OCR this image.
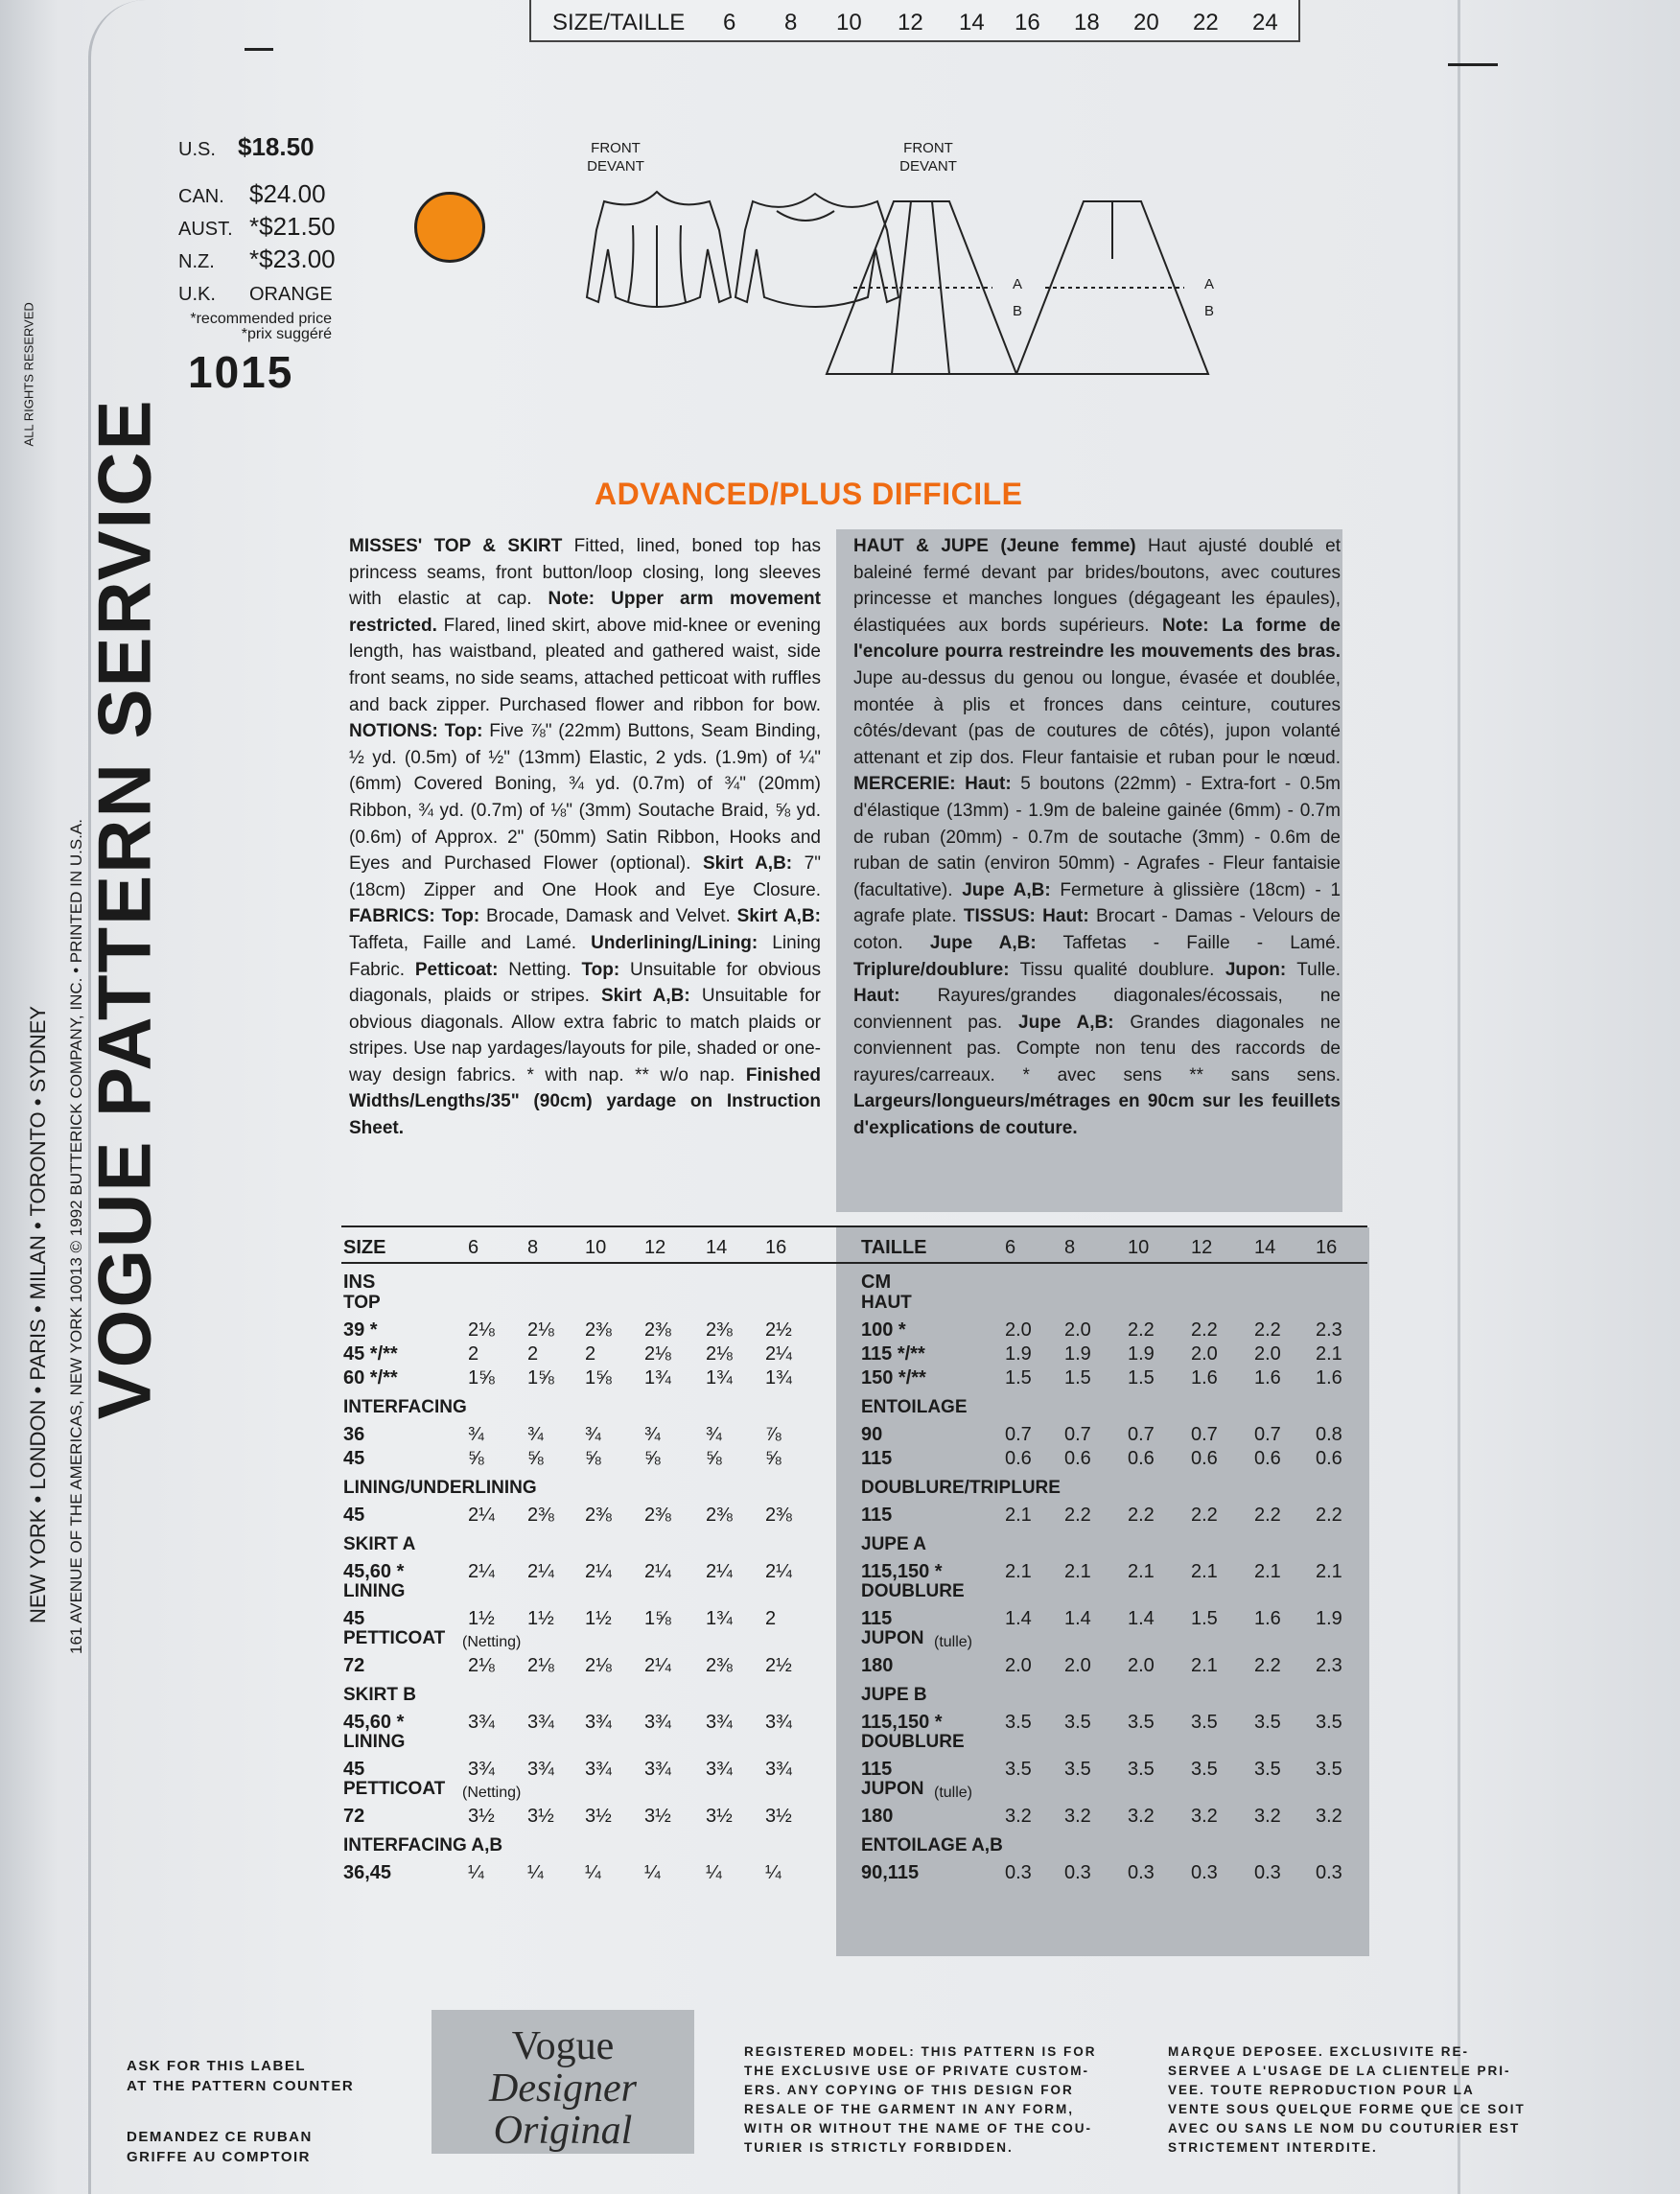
SIZE/TAILLE 6 8 10 12 14 16 18 20 22 24
VOGUE PATTERN SERVICE
NEW YORK • LONDON • PARIS • MILAN • TORONTO • SYDNEY 161 AVENUE OF THE AMERICAS, NEW YORK 10013 © 1992 BUTTERICK COMPANY, INC. • PRINTED IN U.S.A.
ALL RIGHTS RESERVED
U.S. $18.50
CAN. $24.00
AUST. *$21.50
N.Z. *$23.00
U.K. ORANGE
*recommended price
*prix suggéré
1015
FRONT
DEVANT
FRONT
DEVANT
A
B
A
B
ADVANCED/PLUS DIFFICILE
MISSES' TOP & SKIRT Fitted, lined, boned top has princess seams, front button/loop closing, long sleeves with elastic at cap. Note: Upper arm movement restricted. Flared, lined skirt, above mid-knee or evening length, has waistband, pleated and gathered waist, side front seams, no side seams, attached petticoat with ruffles and back zipper. Purchased flower and ribbon for bow. NOTIONS: Top: Five ⅞" (22mm) Buttons, Seam Binding, ½ yd. (0.5m) of ½" (13mm) Elastic, 2 yds. (1.9m) of ¼" (6mm) Covered Boning, ¾ yd. (0.7m) of ¾" (20mm) Ribbon, ¾ yd. (0.7m) of ⅛" (3mm) Soutache Braid, ⅝ yd. (0.6m) of Approx. 2" (50mm) Satin Ribbon, Hooks and Eyes and Purchased Flower (optional). Skirt A,B: 7" (18cm) Zipper and One Hook and Eye Closure. FABRICS: Top: Brocade, Damask and Velvet. Skirt A,B: Taffeta, Faille and Lamé. Underlining/Lining: Lining Fabric. Petticoat: Netting. Top: Unsuitable for obvious diagonals, plaids or stripes. Skirt A,B: Unsuitable for obvious diagonals. Allow extra fabric to match plaids or stripes. Use nap yardages/layouts for pile, shaded or one-way design fabrics. * with nap. ** w/o nap. Finished Widths/Lengths/35" (90cm) yardage on Instruction Sheet.
HAUT & JUPE (Jeune femme) Haut ajusté doublé et baleiné fermé devant par brides/boutons, avec coutures princesse et manches longues (dégageant les épaules), élastiquées aux bords supérieurs. Note: La forme de l'encolure pourra restreindre les mouvements des bras. Jupe au-dessus du genou ou longue, évasée et doublée, montée à plis et fronces dans ceinture, coutures côtés/devant (pas de coutures de côtés), jupon volanté attenant et zip dos. Fleur fantaisie et ruban pour le nœud. MERCERIE: Haut: 5 boutons (22mm) - Extra-fort - 0.5m d'élastique (13mm) - 1.9m de baleine gainée (6mm) - 0.7m de ruban (20mm) - 0.7m de soutache (3mm) - 0.6m de ruban de satin (environ 50mm) - Agrafes - Fleur fantaisie (facultative). Jupe A,B: Fermeture à glissière (18cm) - 1 agrafe plate. TISSUS: Haut: Brocart - Damas - Velours de coton. Jupe A,B: Taffetas - Faille - Lamé. Triplure/doublure: Tissu qualité doublure. Jupon: Tulle. Haut: Rayures/grandes diagonales/écossais, ne conviennent pas. Jupe A,B: Grandes diagonales ne conviennent pas. Compte non tenu des raccords de rayures/carreaux. * avec sens ** sans sens. Largeurs/longueurs/métrages en 90cm sur les feuillets d'explications de couture.
SIZE	6	8 10 12 14 16
INS
TOP
39 *	2⅛ 2⅛ 2⅜ 2⅜ 2⅜ 2½
45 */**	2	2 2	2⅛ 2⅛ 2¼
60 */**	1⅝ 1⅝ 1⅝ 1¾ 1¾ 1¾
INTERFACING
36	¾ ¾ ¾ ¾ ¾ ⅞
45	⅝ ⅝ ⅝ ⅝ ⅝ ⅝
LINING/UNDERLINING
45	2¼ 2⅜ 2⅜ 2⅜ 2⅜ 2⅜
SKIRT A
45,60 *	2¼ 2¼ 2¼ 2¼ 2¼ 2¼
LINING
45	1½ 1½ 1½ 1⅝ 1¾ 2
PETTICOAT	(Netting)
72	2⅛ 2⅛ 2⅛ 2¼ 2⅜ 2½
SKIRT B
45,60 *	3¾ 3¾ 3¾ 3¾ 3¾ 3¾
LINING
45	3¾ 3¾ 3¾ 3¾ 3¾ 3¾
PETTICOAT	(Netting)
72	3½ 3½ 3½ 3½ 3½ 3½
INTERFACING A,B
36,45	¼ ¼ ¼ ¼ ¼ ¼
TAILLE	6	8	10 12 14 16
CM
HAUT
100 *	2.0 2.0 2.2 2.2 2.2 2.3
115 */**	1.9 1.9 1.9 2.0 2.0 2.1
150 */**	1.5 1.5 1.5 1.6 1.6 1.6
ENTOILAGE
90	0.7 0.7 0.7 0.7 0.7 0.8
115	0.6 0.6 0.6 0.6 0.6 0.6
DOUBLURE/TRIPLURE
115	2.1 2.2 2.2 2.2 2.2 2.2
JUPE A
115,150 *	2.1 2.1 2.1 2.1 2.1 2.1
DOUBLURE
115	1.4 1.4 1.4 1.5 1.6 1.9
JUPON (tulle)
180	2.0 2.0 2.0 2.1 2.2 2.3
JUPE B
115,150 *	3.5 3.5 3.5 3.5 3.5 3.5
DOUBLURE
115	3.5 3.5 3.5 3.5 3.5 3.5
JUPON (tulle)
180	3.2 3.2 3.2 3.2 3.2 3.2
ENTOILAGE A,B
90,115	0.3 0.3 0.3 0.3 0.3 0.3
ASK FOR THIS LABEL
AT THE PATTERN COUNTER
DEMANDEZ CE RUBAN
GRIFFE AU COMPTOIR
Vogue
Designer
Original
REGISTERED MODEL: THIS PATTERN IS FOR
THE EXCLUSIVE USE OF PRIVATE CUSTOM-
ERS. ANY COPYING OF THIS DESIGN FOR
RESALE OF THE GARMENT IN ANY FORM,
WITH OR WITHOUT THE NAME OF THE COU-
TURIER IS STRICTLY FORBIDDEN.
MARQUE DEPOSEE. EXCLUSIVITE RE-
SERVEE A L'USAGE DE LA CLIENTELE PRI-
VEE. TOUTE REPRODUCTION POUR LA
VENTE SOUS QUELQUE FORME QUE CE SOIT
AVEC OU SANS LE NOM DU COUTURIER EST
STRICTEMENT INTERDITE.
